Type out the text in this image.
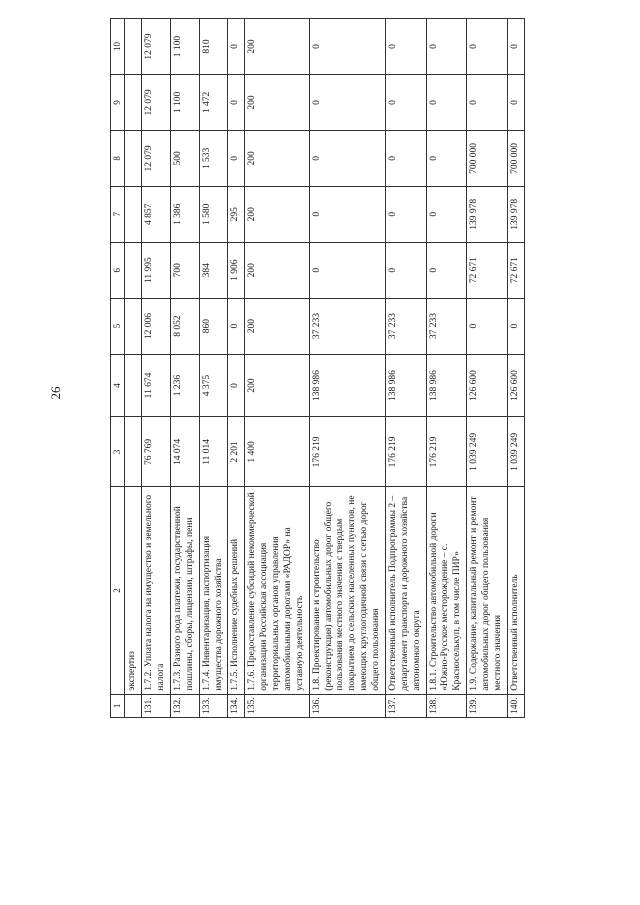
26
1	2	3	4	5	6	7	8	9	10
	экспертиз								
131.	1.7.2. Уплата налога на имущество и земельного налога	76 769	11 674	12 006	11 995	4 857	12 079	12 079	12 079
132.	1.7.3. Разного рода платежи, государственной пошлины, сборы, лицензии, штрафы, пени	14 074	1 236	8 052	700	1 386	500	1 100	1 100
133.	1.7.4. Инвентаризация, паспортизация имущества дорожного хозяйства	11 014	4 375	860	384	1 580	1 533	1 472	810
134.	1.7.5. Исполнение судебных решений	2 201	0	0	1 906	295	0	0	0
135.	1.7.6. Предоставление субсидий некоммерческой организации Российская ассоциация территориальных органов управления автомобильными дорогами «РАДОР» на уставную деятельность	1 400	200	200	200	200	200	200	200
136.	1.8. Проектирование и строительство (реконструкция) автомобильных дорог общего пользования местного значения с твердым покрытием до сельских населенных пунктов, не имеющих круглогодичной связи с сетью дорог общего пользования	176 219	138 986	37 233	0	0	0	0	0
137.	Ответственный исполнитель Подпрограммы 2 – департамент транспорта и дорожного хозяйства автономного округа	176 219	138 986	37 233	0	0	0	0	0
138.	1.8.1. Строительство автомобильной дороги «Южно-Русское месторождение – с. Красноселькуп, в том числе ПИР»	176 219	138 986	37 233	0	0	0	0	0
139.	1.9. Содержание, капитальный ремонт и ремонт автомобильных дорог общего пользования местного значения	1 039 249	126 600	0	72 671	139 978	700 000	0	0
140.	Ответственный исполнитель	1 039 249	126 600	0	72 671	139 978	700 000	0	0
